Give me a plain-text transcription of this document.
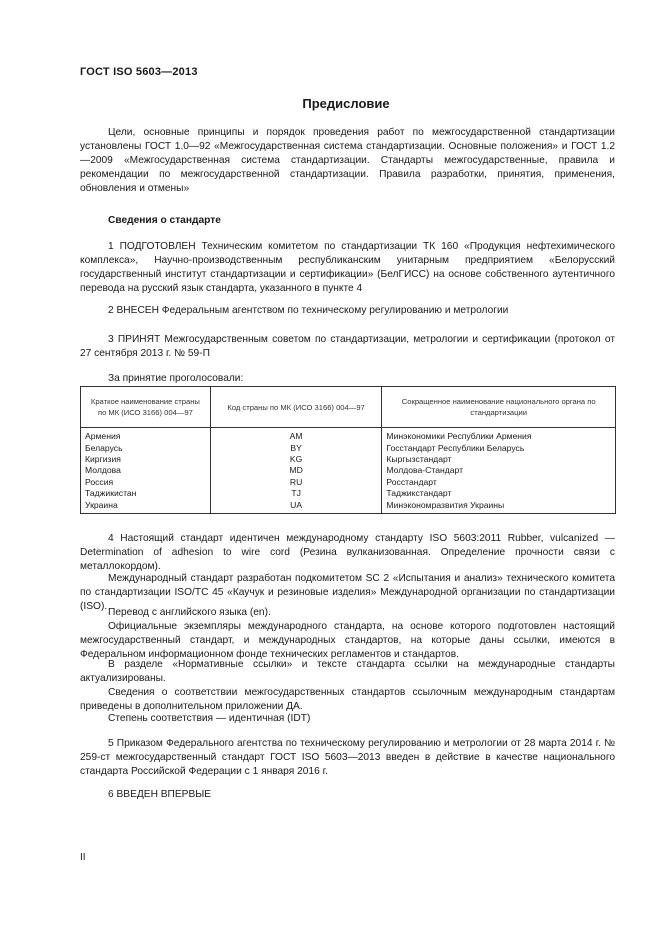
ГОСТ ISO 5603—2013
Предисловие

Цели, основные принципы и порядок проведения работ по межгосударственной стандартизации установлены ГОСТ 1.0—92 «Межгосударственная система стандартизации. Основные положения» и ГОСТ 1.2—2009 «Межгосударственная система стандартизации. Стандарты межгосударственные, правила и рекомендации по межгосударственной стандартизации. Правила разработки, принятия, применения, обновления и отмены»

Сведения о стандарте

1 ПОДГОТОВЛЕН Техническим комитетом по стандартизации ТК 160 «Продукция нефтехимического комплекса», Научно-производственным республиканским унитарным предприятием «Белорусский государственный институт стандартизации и сертификации» (БелГИСС) на основе собственного аутентичного перевода на русский язык стандарта, указанного в пункте 4

2 ВНЕСЕН Федеральным агентством по техническому регулированию и метрологии

3 ПРИНЯТ Межгосударственным советом по стандартизации, метрологии и сертификации (протокол от 27 сентября 2013 г. № 59-П

За принятие проголосовали:
Краткое наименование страны по МК (ИСО 3166) 004—97	Код страны по МК (ИСО 3166) 004—97	Сокращенное наименование национального органа по стандартизации
Армения	AM	Минэкономики Республики Армения
Беларусь	BY	Госстандарт Республики Беларусь
Киргизия	KG	Кыргызстандарт
Молдова	MD	Молдова-Стандарт
Россия	RU	Росстандарт
Таджикистан	TJ	Таджикстандарт
Украина	UA	Минэкономразвития Украины

4 Настоящий стандарт идентичен международному стандарту ISO 5603:2011 Rubber, vulcanized — Determination of adhesion to wire cord (Резина вулканизованная. Определение прочности связи с металлокордом).

Международный стандарт разработан подкомитетом SC 2 «Испытания и анализ» технического комитета по стандартизации ISO/TC 45 «Каучук и резиновые изделия» Международной организации по стандартизации (ISO).

Перевод с английского языка (en).

Официальные экземпляры международного стандарта, на основе которого подготовлен настоящий межгосударственный стандарт, и международных стандартов, на которые даны ссылки, имеются в Федеральном информационном фонде технических регламентов и стандартов.

В разделе «Нормативные ссылки» и тексте стандарта ссылки на международные стандарты актуализированы.

Сведения о соответствии межгосударственных стандартов ссылочным международным стандартам приведены в дополнительном приложении ДА.

Степень соответствия — идентичная (IDT)

5 Приказом Федерального агентства по техническому регулированию и метрологии от 28 марта 2014 г. № 259-ст межгосударственный стандарт ГОСТ ISO 5603—2013 введен в действие в качестве национального стандарта Российской Федерации с 1 января 2016 г.

6 ВВЕДЕН ВПЕРВЫЕ
II
